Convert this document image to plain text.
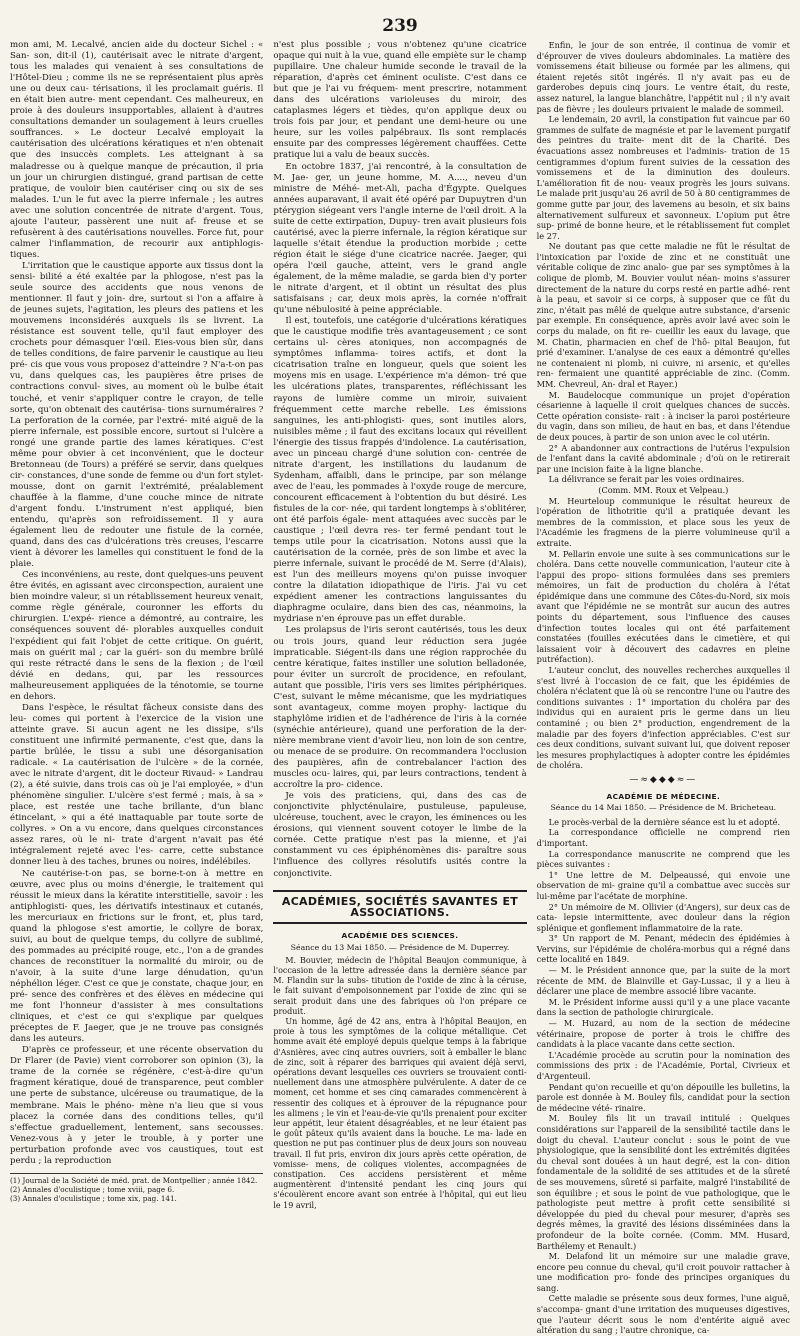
239

mon ami, M. Lecalvé, ancien aide du docteur Sichel : « San- son, dit-il (1), cautérisait avec le nitrate d'argent, tous les malades qui venaient à ses consultations de l'Hôtel-Dieu ; comme ils ne se représentaient plus après une ou deux cau- térisations, il les proclamait guéris. Il en était bien autre- ment cependant. Ces malheureux, en proie à des douleurs insupportables, allaient à d'autres consultations demander un soulagement à leurs cruelles souffrances. » Le docteur Lecalvé employait la cautérisation des ulcérations kératiques et n'en obtenait que des insuccès complets. Les atteignant à sa maladresse ou à quelque manque de précaution, il pria un jour un chirurgien distingué, grand partisan de cette pratique, de vouloir bien cautériser cinq ou six de ses malades. L'un le fut avec la pierre infernale ; les autres avec une solution concentrée de nitrate d'argent. Tous, ajoute l'auteur, passèrent une nuit af- freuse et se refusèrent à des cautérisations nouvelles. Force fut, pour calmer l'inflammation, de recourir aux antiphlogis- tiques.

L'irritation que le caustique apporte aux tissus dont la sensi- bilité a été exaltée par la phlogose, n'est pas la seule source des accidents que nous venons de mentionner. Il faut y join- dre, surtout si l'on a affaire à de jeunes sujets, l'agitation, les pleurs des patiens et les mouvemens inconsidérés auxquels ils se livrent. La résistance est souvent telle, qu'il faut employer des crochets pour démasquer l'œil. Eies-vous bien sûr, dans de telles conditions, de faire parvenir le caustique au lieu pré- cis que vous vous proposez d'atteindre ? N'a-t-on pas vu, dans quelques cas, les paupières être prises de contractions convul- sives, au moment où le bulbe était touché, et venir s'appliquer contre le crayon, de telle sorte, qu'on obtenait des cautérisa- tions surnuméraires ? La perforation de la cornée, par l'extré- mité aiguë de la pierre infernale, est possible encore, surtout si l'ulcère a rongé une grande partie des lames kératiques. C'est même pour obvier à cet inconvénient, que le docteur Bretonneau (de Tours) a préféré se servir, dans quelques cir- constances, d'une sonde de femme ou d'un fort stylet-mousse, dont on garnit l'extrémité, préalablement chauffée à la flamme, d'une couche mince de nitrate d'argent fondu. L'instrument n'est appliqué, bien entendu, qu'après son refroidissement. Il y aura également lieu de redouter une fistule de la cornée, quand, dans des cas d'ulcérations très creuses, l'escarre vient à dévorer les lamelles qui constituent le fond de la plaie.

Ces inconvéniens, au reste, dont quelques-uns peuvent être évités, en agissant avec circonspection, auraient une bien moindre valeur, si un rétablissement heureux venait, comme règle générale, couronner les efforts du chirurgien. L'expé- rience a démontré, au contraire, les conséquences souvent dé- plorables auxquelles conduit l'expédient qui fait l'objet de cette critique. On guérit, mais on guérit mal ; car la guéri- son du membre brûlé qui reste rétracté dans le sens de la flexion ; de l'œil dévié en dedans, qui, par les ressources malheureusement appliquées de la ténotomie, se tourne en dehors.

Dans l'espèce, le résultat fâcheux consiste dans des leu- comes qui portent à l'exercice de la vision une atteinte grave. Si aucun agent ne les dissipe, s'ils constituent une infirmité permanente, c'est que, dans la partie brûlée, le tissu a subi une désorganisation radicale. « La cautérisation de l'ulcère » de la cornée, avec le nitrate d'argent, dit le docteur Rivaud- » Landrau (2), a été suivie, dans trois cas où je l'ai employée, » d'un phénomène singulier. L'ulcère s'est fermé ; mais, à sa » place, est restée une tache brillante, d'un blanc étincelant, » qui a été inattaquable par toute sorte de collyres. » On a vu encore, dans quelques circonstances assez rares, où le ni- trate d'argent n'avait pas été intégralement rejeté avec l'es- carre, cette substance donner lieu à des taches, brunes ou noires, indélébiles.

Ne cautérise-t-on pas, se borne-t-on à mettre en œuvre, avec plus ou moins d'énergie, le traitement qui réussit le mieux dans la kératite interstitielle, savoir : les antiphlogisti- ques, les dérivatifs intestinaux et cutanés, les mercuriaux en frictions sur le front, et, plus tard, quand la phlogose s'est amortie, le collyre de borax, suivi, au bout de quelque temps, du collyre de sublimé, des pommades au précipité rouge, etc., l'on a de grandes chances de reconstituer la normalité du miroir, ou de n'avoir, à la suite d'une large dénudation, qu'un néphélion léger. C'est ce que je constate, chaque jour, en pré- sence des confrères et des élèves en médecine qui me font l'honneur d'assister à mes consultations cliniques, et c'est ce qui s'explique par quelques préceptes de F. Jaeger, que je ne trouve pas consignés dans les auteurs.

D'après ce professeur, et une récente observation du Dr Flarer (de Pavie) vient corroborer son opinion (3), la trame de la cornée se régénère, c'est-à-dire qu'un fragment kératique, doué de transparence, peut combler une perte de substance, ulcéreuse ou traumatique, de la membrane. Mais le phéno- mène n'a lieu que si vous placez la cornée dans des conditions telles, qu'il s'effectue graduellement, lentement, sans secousses. Venez-vous à y jeter le trouble, à y porter une perturbation profonde avec vos caustiques, tout est perdu ; la reproduction

(1) Journal de la Société de méd. prat. de Montpellier ; année 1842.
(2) Annales d'oculistique ; tome xviii, page 6.
(3) Annales d'oculistique ; tome xix, pag. 141.

n'est plus possible ; vous n'obtenez qu'une cicatrice opaque qui nuit à la vue, quand elle empiète sur le champ pupillaire. Une chaleur humide seconde le travail de la réparation, d'après cet éminent oculiste. C'est dans ce but que je l'ai vu fréquem- ment prescrire, notamment dans des ulcérations varioleuses du miroir, des cataplasmes légers et tièdes, qu'on applique deux ou trois fois par jour, et pendant une demi-heure ou une heure, sur les voiles palpébraux. Ils sont remplacés ensuite par des compresses légèrement chauffées. Cette pratique lui a valu de beaux succès.

En octobre 1837, j'ai rencontré, à la consultation de M. Jae- ger, un jeune homme, M. A...., neveu d'un ministre de Méhé- met-Ali, pacha d'Égypte. Quelques années auparavant, il avait été opéré par Dupuytren d'un ptérygion siégeant vers l'angle interne de l'œil droit. A la suite de cette extirpation, Dupuy- tren avait plusieurs fois cautérisé, avec la pierre infernale, la région kératique sur laquelle s'était étendue la production morbide ; cette région était le siége d'une cicatrice nacrée. Jaeger, qui opéra l'œil gauche, atteint, vers le grand angle également, de la même maladie, se garda bien d'y porter le nitrate d'argent, et il obtint un résultat des plus satisfaisans ; car, deux mois après, la cornée n'offrait qu'une nébulosité à peine appréciable.

Il est, toutefois, une catégorie d'ulcérations kératiques que le caustique modifie très avantageusement ; ce sont certains ul- cères atoniques, non accompagnés de symptômes inflamma- toires actifs, et dont la cicatrisation traîne en longueur, quels que soient les moyens mis en usage. L'expérience m'a démon- tré que les ulcérations plates, transparentes, réfléchissant les rayons de lumière comme un miroir, suivaient fréquemment cette marche rebelle. Les émissions sanguines, les anti-phlogisti- ques, sont inutiles alors, nuisibles même ; il faut des excitans locaux qui réveillent l'énergie des tissus frappés d'indolence. La cautérisation, avec un pinceau chargé d'une solution con- centrée de nitrate d'argent, les instillations du laudanum de Sydenham, affaibli, dans le principe, par son mélange avec de l'eau, les pommades à l'oxyde rouge de mercure, concourent efficacement à l'obtention du but désiré. Les fistules de la cor- née, qui tardent longtemps à s'oblitérer, ont été parfois égale- ment attaquées avec succès par le caustique ; l'œil devra res- ter fermé pendant tout le temps utile pour la cicatrisation. Notons aussi que la cautérisation de la cornée, près de son limbe et avec la pierre infernale, suivant le procédé de M. Serre (d'Alais), est l'un des meilleurs moyens qu'on puisse invoquer contre la dilatation idiopathique de l'iris. J'ai vu cet expédient amener les contractions languissantes du diaphragme oculaire, dans bien des cas, néanmoins, la mydriase n'en éprouve pas un effet durable.

Les prolapsus de l'iris seront cautérisés, tous les deux ou trois jours, quand leur réduction sera jugée impraticable. Siégent-ils dans une région rapprochée du centre kératique, faites instiller une solution belladonée, pour éviter un surcroît de procidence, en refoulant, autant que possible, l'iris vers ses limites périphériques. C'est, suivant le même mécanisme, que les mydriatiques sont avantageux, comme moyen prophy- lactique du staphylôme iridien et de l'adhérence de l'iris à la cornée (synéchie antérieure), quand une perforation de la der- nière membrane vient d'avoir lieu, non loin de son centre, ou menace de se produire. On recommandera l'occlusion des paupières, afin de contrebalancer l'action des muscles ocu- laires, qui, par leurs contractions, tendent à accroître la pro- cidence.

Je vois des praticiens, qui, dans des cas de conjonctivite phlycténulaire, pustuleuse, papuleuse, ulcéreuse, touchent, avec le crayon, les éminences ou les érosions, qui viennent souvent cotoyer le limbe de la cornée. Cette pratique n'est pas la mienne, et j'ai constamment vu ces épiphénomènes dis- paraître sous l'influence des collyres résolutifs usités contre la conjonctivite.

ACADÉMIES, SOCIÉTÉS SAVANTES ET ASSOCIATIONS.
ACADÉMIE DES SCIENCES.
Séance du 13 Mai 1850. — Présidence de M. Duperrey.

M. Bouvier, médecin de l'hôpital Beaujon communique, à l'occasion de la lettre adressée dans la dernière séance par M. Flandin sur la subs- titution de l'oxide de zinc à la céruse, le fait suivant d'empoisonnement par l'oxide de zinc qui se serait produit dans une des fabriques où l'on prépare ce produit.

Un homme, âgé de 42 ans, entra à l'hôpital Beaujon, en proie à tous les symptômes de la colique métallique. Cet homme avait été employé depuis quelque temps à la fabrique d'Asnières, avec cinq autres ouvriers, soit à emballer le blanc de zinc, soit à réparer des barriques qui avaient déjà servi, opérations devant lesquelles ces ouvriers se trouvaient conti- nuellement dans une atmosphère pulvérulente. A dater de ce moment, cet homme et ses cinq camarades commencèrent à ressentir des coliques et à éprouver de la répugnance pour les alimens ; le vin et l'eau-de-vie qu'ils prenaient pour exciter leur appétit, leur étaient désagréables, et ne leur étaient pas le goût pâteux qu'ils avaient dans la bouche. Le ma- lade en question ne put pas continuer plus de deux jours son nouveau travail. Il fut pris, environ dix jours après cette opération, de vomisse- mens, de coliques violentes, accompagnées de constipation. Ces accidens persistèrent et même augmentèrent d'intensité pendant les cinq jours qui s'écoulèrent encore avant son entrée à l'hôpital, qui eut lieu le 19 avril,

Enfin, le jour de son entrée, il continua de vomir et d'éprouver de vives douleurs abdominales. La matière des vomissemens était bilieuse ou formée par les alimens, qui étaient rejetés sitôt ingérés. Il n'y avait pas eu de garderobes depuis cinq jours. Le ventre était, du reste, assez naturel, la langue blanchâtre, l'appétit nul ; il n'y avait pas de fièvre ; les douleurs privaient le malade de sommeil.

Le lendemain, 20 avril, la constipation fut vaincue par 60 grammes de sulfate de magnésie et par le lavement purgatif des peintres du traite- ment dit de la Charité. Des évacuations assez nombreuses et l'adminis- tration de 15 centigrammes d'opium furent suivies de la cessation des vomissemens et de la diminution des douleurs. L'amélioration fit de nou- veaux progrès les jours suivans. Le malade prit jusqu'au 26 avril de 50 à 80 centigrammes de gomme gutte par jour, des lavemens au besoin, et six bains alternativement sulfureux et savonneux. L'opium put être sup- primé de bonne heure, et le rétablissement fut complet le 27.

Ne doutant pas que cette maladie ne fût le résultat de l'intoxication par l'oxide de zinc et ne constituât une véritable colique de zinc analo- gue par ses symptômes à la colique de plomb, M. Bouvier voulut néan- moins s'assurer directement de la nature du corps resté en partie adhé- rent à la peau, et savoir si ce corps, à supposer que ce fût du zinc, n'était pas mêlé de quelque autre substance, d'arsenic par exemple. En conséquence, après avoir lavé avec soin le corps du malade, on fit re- cueillir les eaux du lavage, que M. Chatin, pharmacien en chef de l'hô- pital Beaujon, fut prié d'examiner. L'analyse de ces eaux a démontré qu'elles ne contenaient ni plomb, ni cuivre, ni arsenic, et qu'elles ren- fermaient une quantité appréciable de zinc. (Comm. MM. Chevreul, An- dral et Rayer.)

M. Baudelocque communique un projet d'opération césarienne à laquelle il croit quelques chances de succès. Cette opération consiste- rait : à inciser la paroi postérieure du vagin, dans son milieu, de haut en bas, et dans l'étendue de deux pouces, à partir de son union avec le col utérin.

2° A abandonner aux contractions de l'utérus l'expulsion de l'enfant dans la cavité abdominale ; d'où on le retirerait par une incision faite à la ligne blanche.

La délivrance se ferait par les voies ordinaires.

(Comm. MM. Roux et Velpeau.)

M. Heurteloup communique le résultat heureux de l'opération de lithotritie qu'il a pratiquée devant les membres de la commission, et place sous les yeux de l'Académie les fragmens de la pierre volumineuse qu'il a extraite.

M. Pellarin envoie une suite à ses communications sur le choléra. Dans cette nouvelle communication, l'auteur cite à l'appui des propo- sitions formulées dans ses premiers mémoires, un fait de production du choléra à l'état épidémique dans une commune des Côtes-du-Nord, six mois avant que l'épidémie ne se montrât sur aucun des autres points du département, sous l'influence des causes d'infection toutes locales qui ont été parfaitement constatées (fouilles exécutées dans le cimetière, et qui laissaient voir à découvert des cadavres en pleine putréfaction).

L'auteur conclut, des nouvelles recherches auxquelles il s'est livré à l'occasion de ce fait, que les épidémies de choléra n'éclatent que là où se rencontre l'une ou l'autre des conditions suivantes : 1° importation du choléra par des individus qui en auraient pris le germe dans un lieu contaminé ; ou bien 2° production, engendrement de la maladie par des foyers d'infection appréciables. C'est sur ces deux conditions, suivant suivant lui, que doivent reposer les mesures prophylactiques à adopter contre les épidémies de choléra.

—≈◆◆◆≈—
ACADÉMIE DE MÉDECINE.
Séance du 14 Mai 1850. — Présidence de M. Bricheteau.

Le procès-verbal de la dernière séance est lu et adopté.

La correspondance officielle ne comprend rien d'important.

La correspondance manuscrite ne comprend que les pièces suivantes :

1° Une lettre de M. Delpeaussé, qui envoie une observation de mi- graine qu'il a combattue avec succès sur lui-même par l'acétate de morphine.

2° Un mémoire de M. Ollivier (d'Angers), sur deux cas de cata- lepsie intermittente, avec douleur dans la région splénique et gonflement inflammatoire de la rate.

3° Un rapport de M. Penant, médecin des épidémies à Vervins, sur l'épidémie de choléra-morbus qui a régné dans cette localité en 1849.

— M. le Président annonce que, par la suite de la mort récente de MM. de Blainville et Gay-Lussac, il y a lieu à déclarer une place de membre associé libre vacante.

M. le Président informe aussi qu'il y a une place vacante dans la section de pathologie chirurgicale.

— M. Huzard, au nom de la section de médecine vétérinaire, propose de porter à trois le chiffre des candidats à la place vacante dans cette section.

L'Académie procède au scrutin pour la nomination des commissions des prix : de l'Académie, Portal, Civrieux et d'Argenteuil.

Pendant qu'on recueille et qu'on dépouille les bulletins, la parole est donnée à M. Bouley fils, candidat pour la section de médecine vété- rinaire.

M. Bouley fils lit un travail intitulé : Quelques considérations sur l'appareil de la sensibilité tactile dans le doigt du cheval. L'auteur conclut : sous le point de vue physiologique, que la sensibilité dont les extrémités digitées du cheval sont douées à un haut degré, est la con- dition fondamentale de la solidité de ses attitudes et de la sûreté de ses mouvemens, sûreté si parfaite, malgré l'instabilité de son équilibre ; et sous le point de vue pathologique, que le pathologiste peut mettre à profit cette sensibilité si développée du pied du cheval pour mesurer, d'après ses degrés mêmes, la gravité des lésions disséminées dans la profondeur de la boîte cornée. (Comm. MM. Husard, Barthélemy et Renault.)

M. Delafond lit un mémoire sur une maladie grave, encore peu connue du cheval, qu'il croit pouvoir rattacher à une modification pro- fonde des principes organiques du sang.

Cette maladie se présente sous deux formes, l'une aiguë, s'accompa- gnant d'une irritation des muqueuses digestives, que l'auteur décrit sous le nom d'entérite aiguë avec altération du sang ; l'autre chronique, ca-
